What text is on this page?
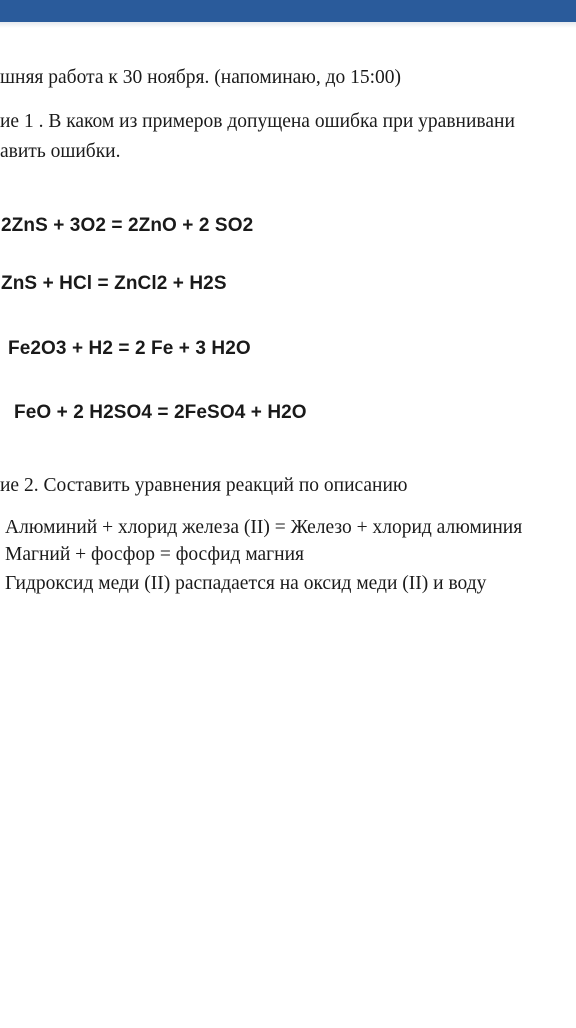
шняя работа к 30 ноября. (напоминаю, до 15:00)
ие 1 . В каком из примеров допущена ошибка при уравнивани
авить ошибки.
2ZnS + 3O2 = 2ZnO + 2 SO2
ZnS + HCl = ZnCl2 + H2S
Fe2O3 + H2 = 2 Fe + 3 H2O
FeO + 2 H2SO4 = 2FeSO4 + H2O
ие 2. Составить уравнения реакций по описанию
Алюминий + хлорид железа (II) = Железо + хлорид алюминия
Магний + фосфор = фосфид магния
Гидроксид меди (II) распадается на оксид меди (II) и воду
